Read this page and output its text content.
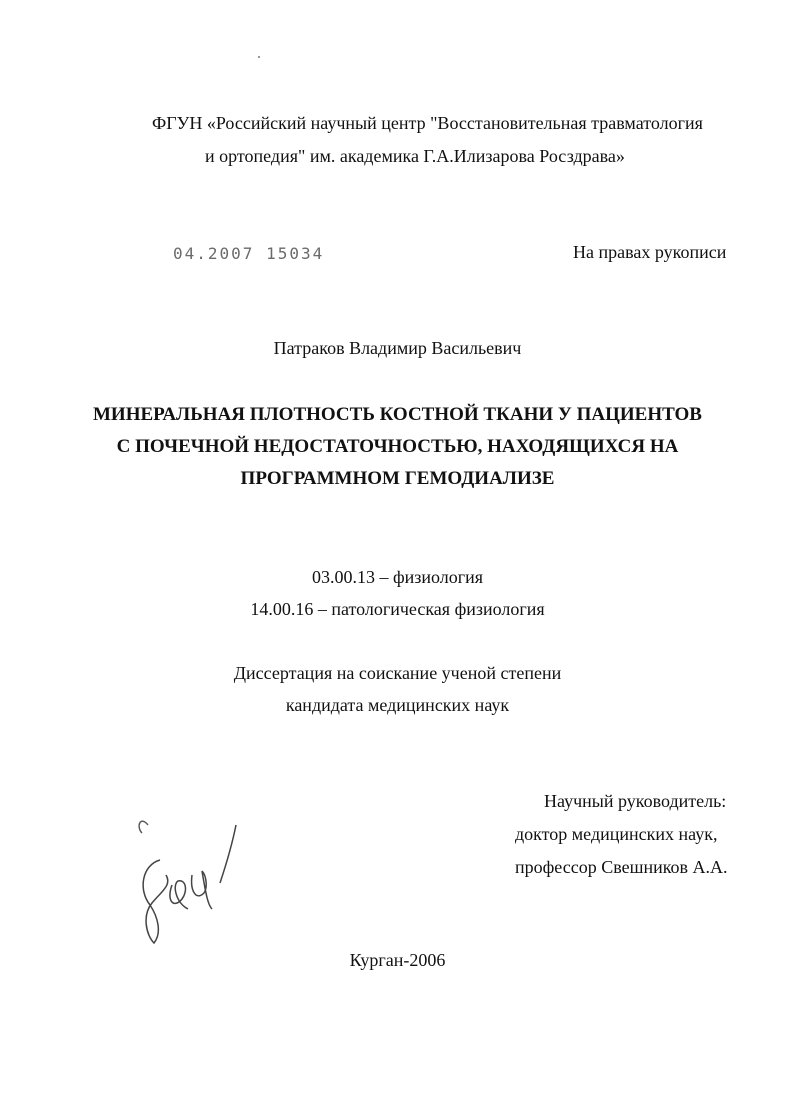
ФГУН «Российский научный центр "Восстановительная травматология
и ортопедия" им. академика Г.А.Илизарова Росздрава»
04.2007 15034	На правах рукописи
Патраков Владимир Васильевич
МИНЕРАЛЬНАЯ ПЛОТНОСТЬ КОСТНОЙ ТКАНИ У ПАЦИЕНТОВ
С ПОЧЕЧНОЙ НЕДОСТАТОЧНОСТЬЮ, НАХОДЯЩИХСЯ НА
ПРОГРАММНОМ ГЕМОДИАЛИЗЕ
03.00.13 – физиология
14.00.16 – патологическая физиология
Диссертация на соискание ученой степени
кандидата медицинских наук
Научный руководитель:
доктор медицинских наук,
профессор Свешников А.А.
Курган-2006
